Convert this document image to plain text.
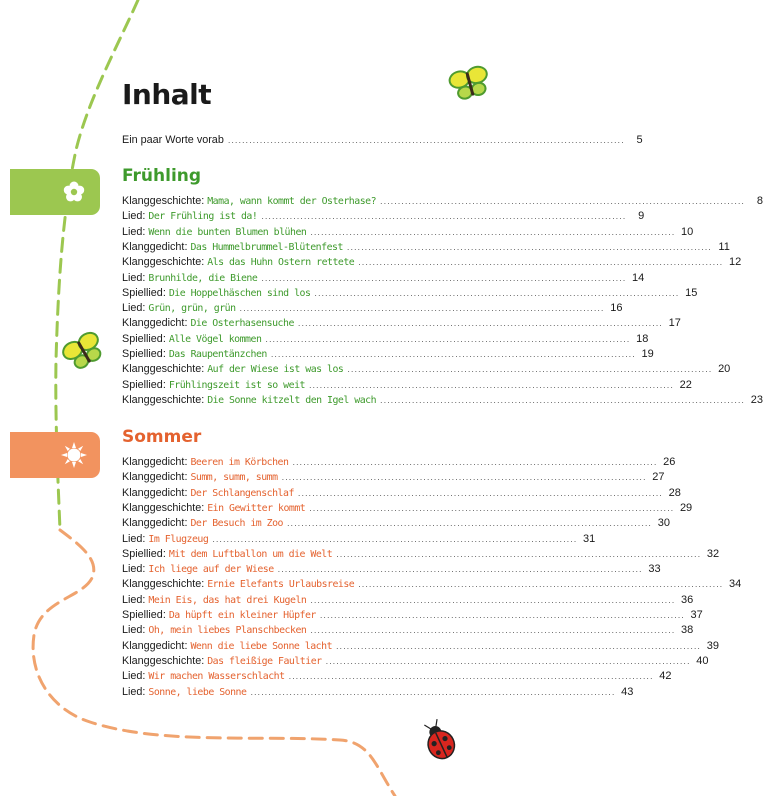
Inhalt
Ein paar Worte vorab ................................................................................................................	5
Frühling
Klanggeschichte : Mama, wann kommt der Osterhase? .......................................................................................................	8
Lied : Der Frühling ist da! .......................................................................................................	9
Lied : Wenn die bunten Blumen blühen ....................................................................................................... 10
Klanggedicht : Das Hummelbrummel-Blütenfest ....................................................................................................... 11
Klanggeschichte : Als das Huhn Ostern rettete ....................................................................................................... 12
Lied : Brunhilde, die Biene ....................................................................................................... 14
Spiellied : Die Hoppelhäschen sind los ....................................................................................................... 15
Lied : Grün, grün, grün ....................................................................................................... 16
Klanggedicht : Die Osterhasensuche ....................................................................................................... 17
Spiellied : Alle Vögel kommen ....................................................................................................... 18
Spiellied : Das Raupentänzchen ....................................................................................................... 19
Klanggeschichte : Auf der Wiese ist was los ....................................................................................................... 20
Spiellied : Frühlingszeit ist so weit ....................................................................................................... 22
Klanggeschichte : Die Sonne kitzelt den Igel wach ....................................................................................................... 23
Sommer
Klanggedicht : Beeren im Körbchen ....................................................................................................... 26
Klanggedicht : Summ, summ, summ ....................................................................................................... 27
Klanggedicht : Der Schlangenschlaf ....................................................................................................... 28
Klanggeschichte : Ein Gewitter kommt ....................................................................................................... 29
Klanggedicht : Der Besuch im Zoo ....................................................................................................... 30
Lied : Im Flugzeug ....................................................................................................... 31
Spiellied : Mit dem Luftballon um die Welt ....................................................................................................... 32
Lied : Ich liege auf der Wiese ....................................................................................................... 33
Klanggeschichte : Ernie Elefants Urlaubsreise ....................................................................................................... 34
Lied : Mein Eis, das hat drei Kugeln ....................................................................................................... 36
Spiellied : Da hüpft ein kleiner Hüpfer ....................................................................................................... 37
Lied : Oh, mein liebes Planschbecken ....................................................................................................... 38
Klanggedicht : Wenn die liebe Sonne lacht ....................................................................................................... 39
Klanggeschichte : Das fleißige Faultier ....................................................................................................... 40
Lied : Wir machen Wasserschlacht ....................................................................................................... 42
Lied : Sonne, liebe Sonne ....................................................................................................... 43
